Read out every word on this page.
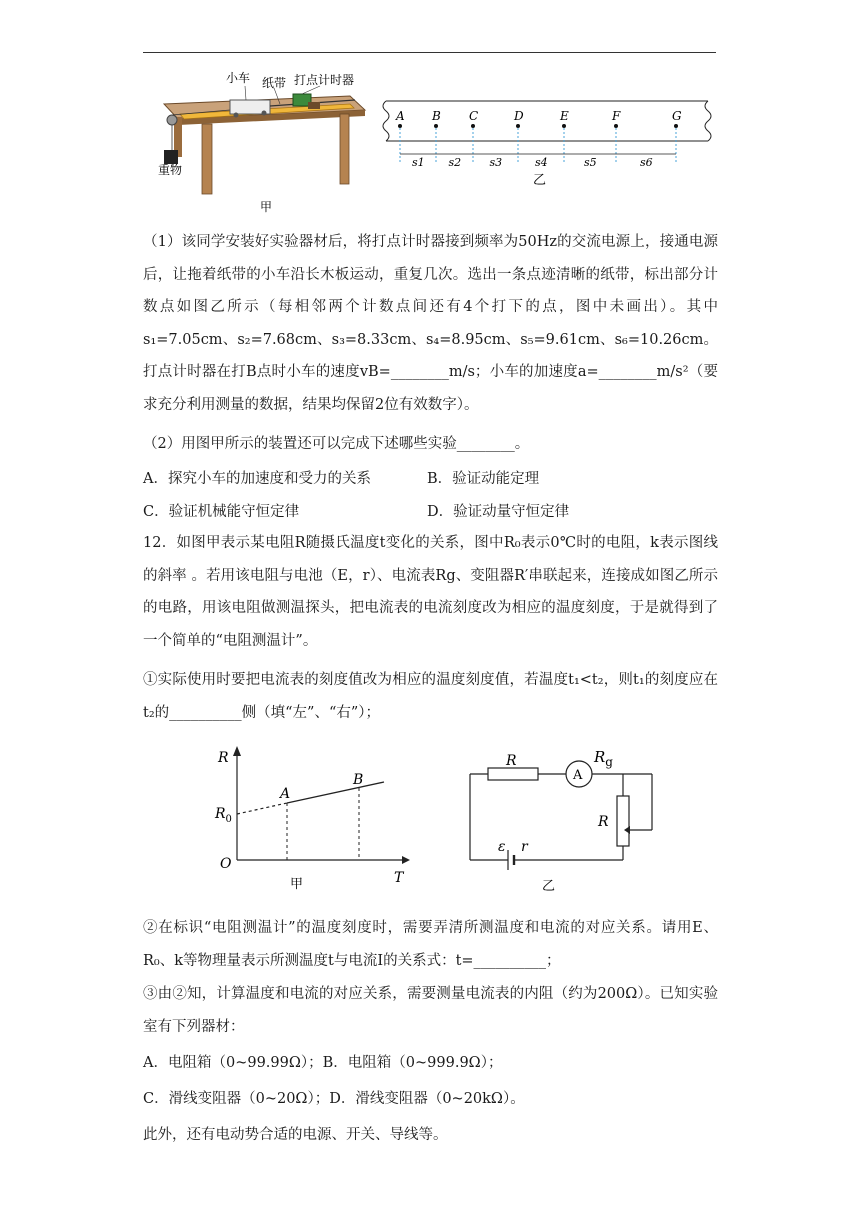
小车 纸带 打点计时器
重物
甲
A B C	D	E	F	G
s1 s2	s3	s4	s5	s6
乙
（1）该同学安装好实验器材后，将打点计时器接到频率为50Hz的交流电源上，接通电源后，让拖着纸带的小车沿长木板运动，重复几次。选出一条点迹清晰的纸带，标出部分计数点如图乙所示（每相邻两个计数点间还有4个打下的点，图中未画出）。其中s₁=7.05cm、s₂=7.68cm、s₃=8.33cm、s₄=8.95cm、s₅=9.61cm、s₆=10.26cm。打点计时器在打B点时小车的速度vB=________m/s；小车的加速度a=________m/s²（要求充分利用测量的数据，结果均保留2位有效数字）。
（2）用图甲所示的装置还可以完成下述哪些实验________。
A．探究小车的加速度和受力的关系	B．验证动能定理
C．验证机械能守恒定律	D．验证动量守恒定律
12．如图甲表示某电阻R随摄氏温度t变化的关系，图中R₀表示0℃时的电阻，k表示图线的斜率 。若用该电阻与电池（E，r）、电流表Rg、变阻器R′串联起来，连接成如图乙所示的电路，用该电阻做测温探头，把电流表的电流刻度改为相应的温度刻度，于是就得到了一个简单的“电阻测温计”。
①实际使用时要把电流表的刻度值改为相应的温度刻度值，若温度t₁<t₂，则t₁的刻度应在t₂的__________侧（填“左”、“右”）；
R
T
O
$R_0$
A
B
甲
R
A
$R_g$
R
ε r
乙
②在标识“电阻测温计”的温度刻度时，需要弄清所测温度和电流的对应关系。请用E、R₀、k等物理量表示所测温度t与电流I的关系式：t=__________；
③由②知，计算温度和电流的对应关系，需要测量电流表的内阻（约为200Ω）。已知实验室有下列器材：
A．电阻箱（0~99.99Ω）；B．电阻箱（0~999.9Ω）；
C．滑线变阻器（0~20Ω）；D．滑线变阻器（0~20kΩ）。
此外，还有电动势合适的电源、开关、导线等。
